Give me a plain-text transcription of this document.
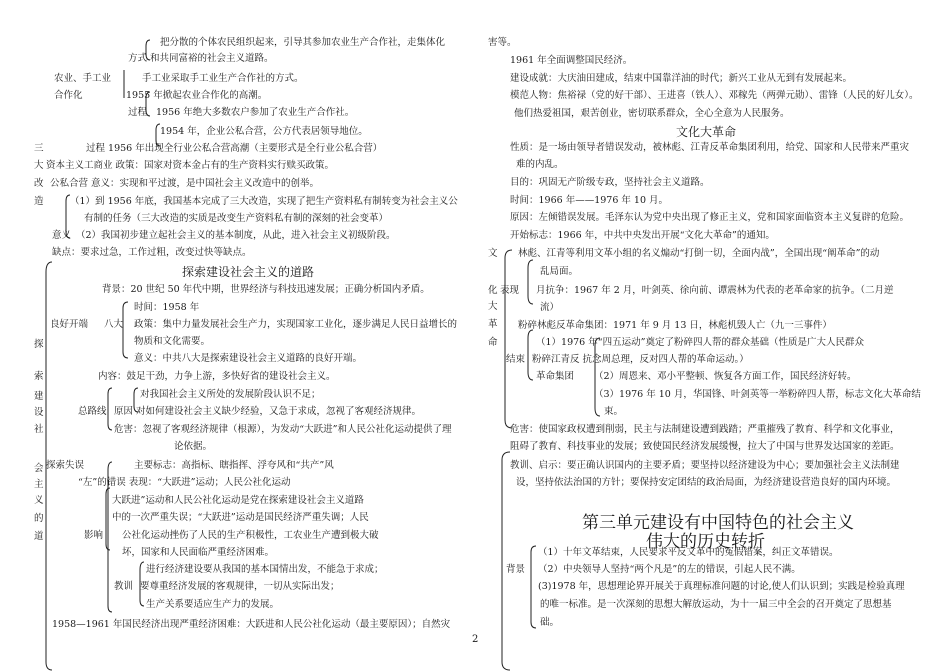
把分散的个体农民组织起来，引导其参加农业生产合作社，走集体化
方式 和共同富裕的社会主义道路。
农业、手工业	手工业采取手工业生产合作社的方式。
合作化	1955 年掀起农业合作化的高潮。
过程 1956 年绝大多数农户参加了农业生产合作社。
1954 年，企业公私合营，公方代表居领导地位。
三	过程 1956 年出现全行业公私合营高潮（主要形式是全行业公私合营）
大 资本主义工商业 政策：国家对资本金占有的生产资料实行赎买政策。
改 公私合营 意义：实现和平过渡，是中国社会主义改造中的创举。
造	（1）到 1956 年底，我国基本完成了三大改造，实现了把生产资料私有制转变为社会主义公
有制的任务（三大改造的实质是改变生产资料私有制的深刻的社会变革）
意义 （2）我国初步建立起社会主义的基本制度，从此，进入社会主义初级阶段。
缺点：要求过急，工作过粗，改变过快等缺点。
探索建设社会主义的道路
探
索
建
设
社
会
主
义
的
道
背景：20 世纪 50 年代中期，世界经济与科技迅速发展；正确分析国内矛盾。
时间：1958 年
良好开端 八大 政策：集中力量发展社会生产力，实现国家工业化，逐步满足人民日益增长的
物质和文化需要。
意义：中共八大是探索建设社会主义道路的良好开端。
内容：鼓足干劲，力争上游，多快好省的建设社会主义。
对我国社会主义所处的发展阶段认识不足；
总路线 原因 对如何建设社会主义缺少经验，又急于求成，忽视了客观经济规律。
危害：忽视了客观经济规律（根源），为发动“大跃进”和人民公社化运动提供了理
论依据。
探索失误	主要标志：高指标、瞎指挥、浮夸风和“共产”风
“左”的错误 表现：“大跃进”运动；人民公社化运动
大跃进”运动和人民公社化运动是党在探索建设社会主义道路
中的一次严重失误；“大跃进”运动是国民经济严重失调；人民
影响 公社化运动挫伤了人民的生产积极性，工农业生产遭到极大破
坏，国家和人民面临严重经济困难。
进行经济建设要从我国的基本国情出发，不能急于求成；
教训 要尊重经济发展的客观规律，一切从实际出发；
生产关系要适应生产力的发展。
1958—1961 年国民经济出现严重经济困难：大跃进和人民公社化运动（最主要原因）；自然灾
2
害等。
1961 年全面调整国民经济。
建设成就：大庆油田建成，结束中国靠洋油的时代；新兴工业从无到有发展起来。
模范人物：焦裕禄（党的好干部）、王进喜（铁人）、邓稼先（两弹元勋）、雷锋（人民的好儿女）。
他们热爱祖国，艰苦创业，密切联系群众，全心全意为人民服务。
文化大革命
性质：是一场由领导者错误发动，被林彪、江青反革命集团利用，给党、国家和人民带来严重灾
难的内乱。
目的：巩固无产阶级专政，坚持社会主义道路。
时间：1966 年——1976 年 10 月。
原因：左倾错误发展。毛泽东认为党中央出现了修正主义，党和国家面临资本主义复辟的危险。
开始标志：1966 年，中共中央发出开展“文化大革命”的通知。
文
化
大
革
命
林彪、江青等利用文革小组的名义煽动“打倒一切，全面内战”，全国出现“阐革命”的动
乱局面。
表现 月抗争：1967 年 2 月，叶剑英、徐向前、谭震林为代表的老革命家的抗争。（二月逆
流）
粉碎林彪反革命集团：1971 年 9 月 13 日，林彪机毁人亡（九一三事件）
（1）1976 年“四五运动”奠定了粉碎四人帮的群众基础（性质是广大人民群众
结束 粉碎江青反 抗念周总理，反对四人帮的革命运动。）
革命集团 （2）周恩来、邓小平整顿、恢复各方面工作，国民经济好转。
（3）1976 年 10 月，华国锋、叶剑英等一举粉碎四人帮，标志文化大革命结
束。
危害：使国家政权遭到削弱，民主与法制建设遭到践踏；严重摧残了教育、科学和文化事业，
阻碍了教育、科技事业的发展；致使国民经济发展缓慢，拉大了中国与世界发达国家的差距。
教训、启示：要正确认识国内的主要矛盾；要坚持以经济建设为中心；要加强社会主义法制建
设，坚持依法治国的方针；要保持安定团结的政治局面，为经济建设营造良好的国内环境。
第三单元建设有中国特色的社会主义
伟大的历史转折
（1）十年文革结束，人民要求平反文革中的冤假错案，纠正文革错误。
背景 （2）中央领导人坚持“两个凡是”的左的错误，引起人民不满。
(3)1978 年，思想理论界开展关于真理标准问题的讨论,使人们认识到；实践是检验真理
的唯一标准。是一次深刻的思想大解放运动，为十一届三中全会的召开奠定了思想基
础。
